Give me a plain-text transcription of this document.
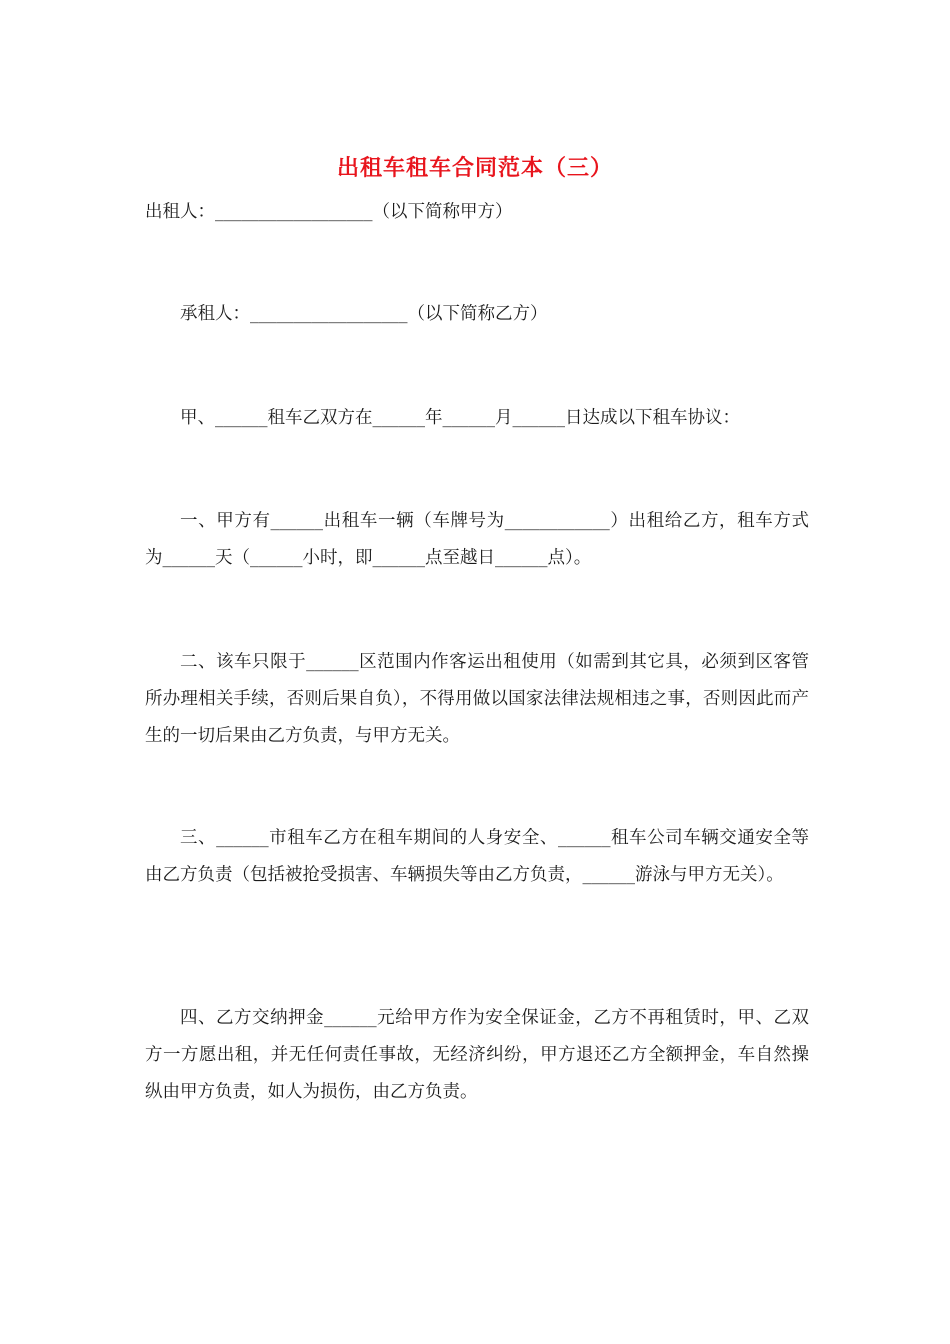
出租车租车合同范本（三）
出租人：__________________（以下简称甲方）
承租人：__________________（以下简称乙方）
甲、______租车乙双方在______年______月______日达成以下租车协议：
一、甲方有______出租车一辆（车牌号为____________）出租给乙方，租车方式为______天（______小时，即______点至越日______点）。
二、该车只限于______区范围内作客运出租使用（如需到其它具，必须到区客管所办理相关手续，否则后果自负），不得用做以国家法律法规相违之事，否则因此而产生的一切后果由乙方负责，与甲方无关。
三、______市租车乙方在租车期间的人身安全、______租车公司车辆交通安全等由乙方负责（包括被抢受损害、车辆损失等由乙方负责，______游泳与甲方无关）。
四、乙方交纳押金______元给甲方作为安全保证金，乙方不再租赁时，甲、乙双方一方愿出租，并无任何责任事故，无经济纠纷，甲方退还乙方全额押金，车自然操纵由甲方负责，如人为损伤，由乙方负责。
